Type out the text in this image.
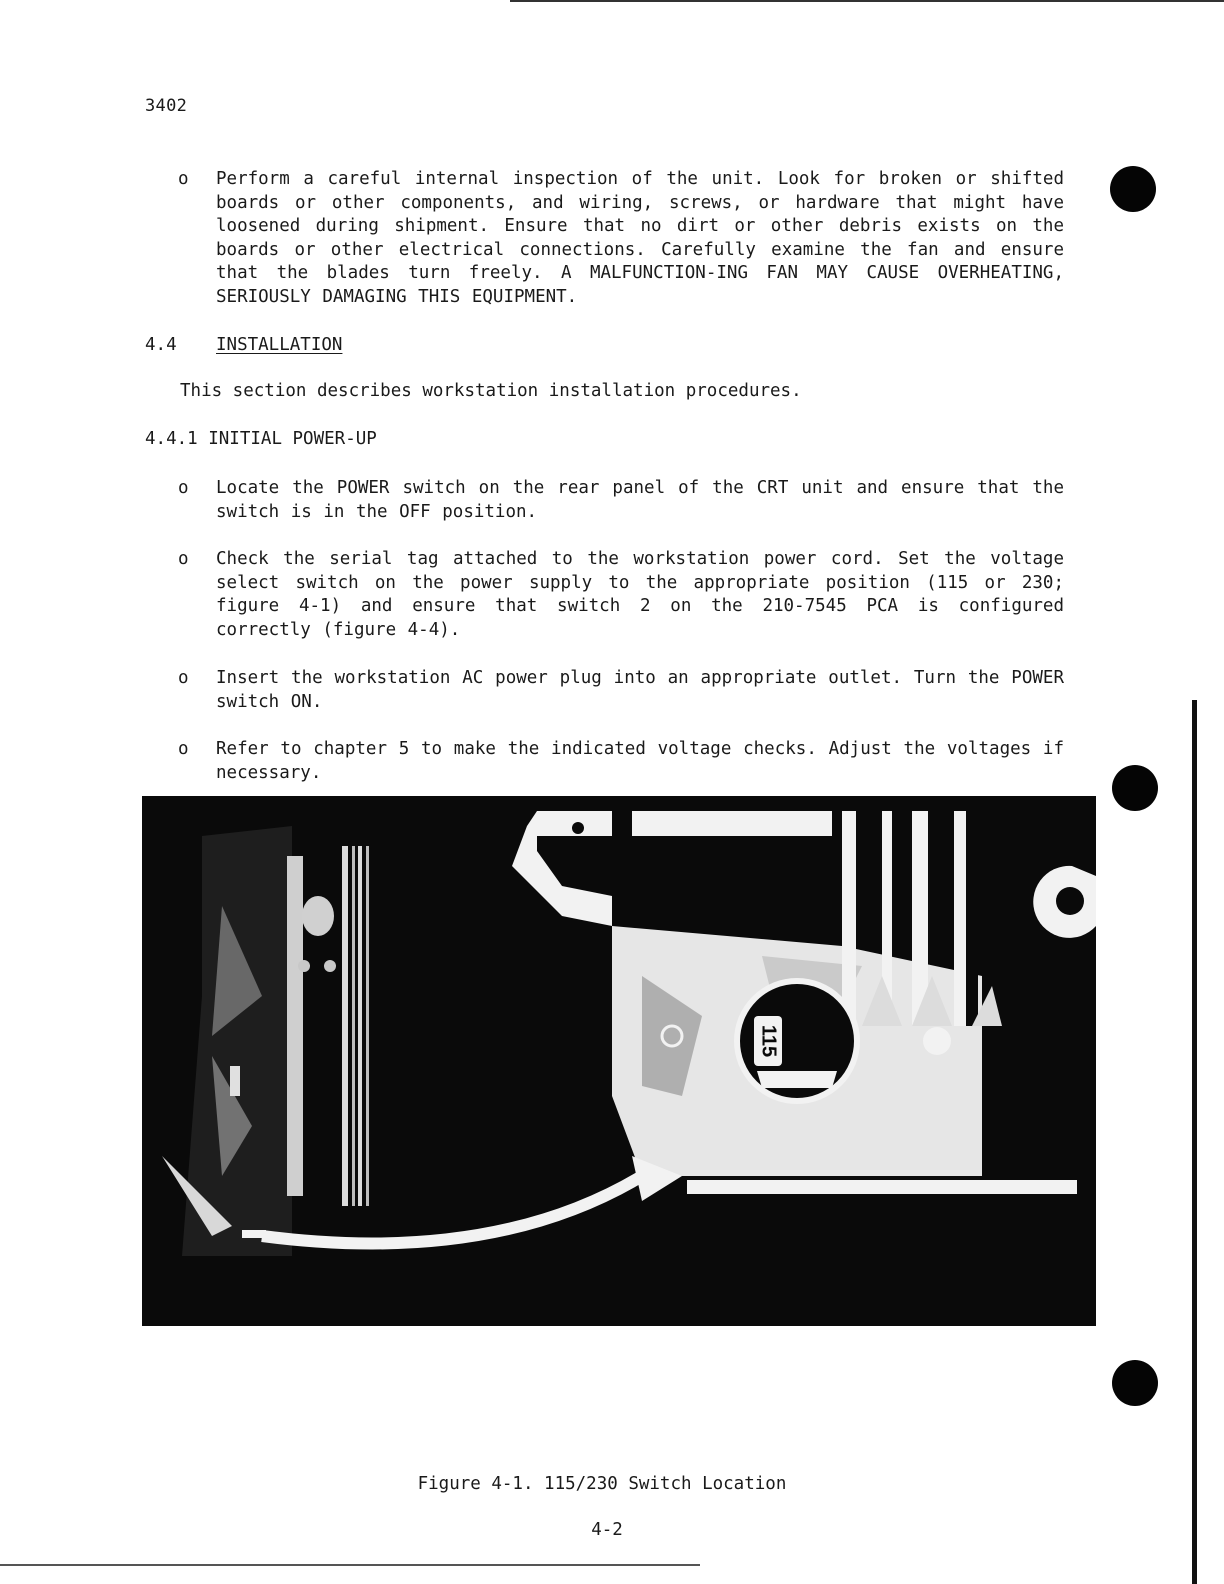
3402
o Perform a careful internal inspection of the unit. Look for broken or shifted boards or other components, and wiring, screws, or hardware that might have loosened during shipment. Ensure that no dirt or other debris exists on the boards or other electrical connections. Carefully examine the fan and ensure that the blades turn freely. A MALFUNCTION-ING FAN MAY CAUSE OVERHEATING, SERIOUSLY DAMAGING THIS EQUIPMENT.
4.4 INSTALLATION
This section describes workstation installation procedures.
4.4.1 INITIAL POWER-UP
o Locate the POWER switch on the rear panel of the CRT unit and ensure that the switch is in the OFF position.
o Check the serial tag attached to the workstation power cord. Set the voltage select switch on the power supply to the appropriate position (115 or 230; figure 4-1) and ensure that switch 2 on the 210-7545 PCA is configured correctly (figure 4-4).
o Insert the workstation AC power plug into an appropriate outlet. Turn the POWER switch ON.
o Refer to chapter 5 to make the indicated voltage checks. Adjust the voltages if necessary.
115
Figure 4-1. 115/230 Switch Location
4-2
